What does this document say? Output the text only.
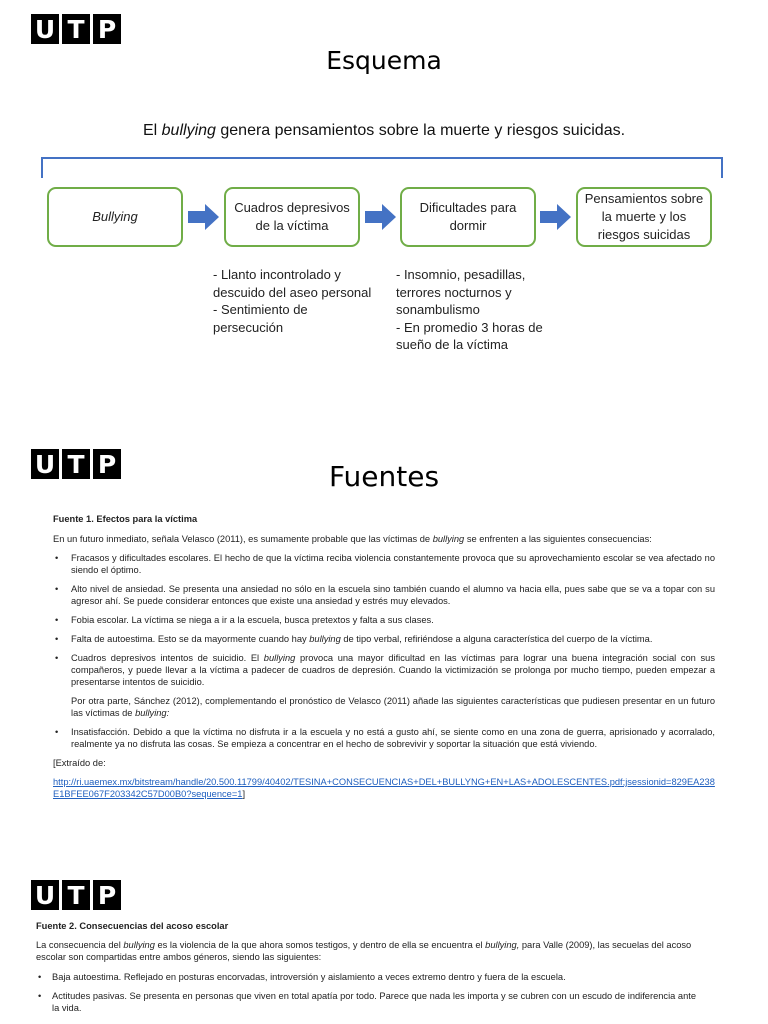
U T P
Esquema
El bullying genera pensamientos sobre la muerte y riesgos suicidas.
Bullying
Cuadros depresivos de la víctima
Dificultades para dormir
Pensamientos sobre la muerte y los riesgos suicidas
- Llanto incontrolado y
descuido del aseo personal
- Sentimiento de
persecución
- Insomnio, pesadillas,
terrores nocturnos y
sonambulismo
- En promedio 3 horas de
sueño de la víctima
U T P	Fuentes

Fuente 1. Efectos para la víctima

En un futuro inmediato, señala Velasco (2011), es sumamente probable que las víctimas de bullying se enfrenten a las siguientes consecuencias:

• Fracasos y dificultades escolares. El hecho de que la víctima reciba violencia constantemente provoca que su aprovechamiento escolar se vea afectado no siendo el óptimo.
• Alto nivel de ansiedad. Se presenta una ansiedad no sólo en la escuela sino también cuando el alumno va hacia ella, pues sabe que se va a topar con su agresor ahí. Se puede considerar entonces que existe una ansiedad y estrés muy elevados.
• Fobia escolar. La víctima se niega a ir a la escuela, busca pretextos y falta a sus clases.
• Falta de autoestima. Esto se da mayormente cuando hay bullying de tipo verbal, refiriéndose a alguna característica del cuerpo de la víctima.
• Cuadros depresivos intentos de suicidio. El bullying provoca una mayor dificultad en las víctimas para lograr una buena integración social con sus compañeros, y puede llevar a la víctima a padecer de cuadros de depresión. Cuando la victimización se prolonga por mucho tiempo, pueden empezar a presentarse intentos de suicidio.

Por otra parte, Sánchez (2012), complementando el pronóstico de Velasco (2011) añade las siguientes características que pudiesen presentar en un futuro las víctimas de bullying:

• Insatisfacción. Debido a que la víctima no disfruta ir a la escuela y no está a gusto ahí, se siente como en una zona de guerra, aprisionado y acorralado, realmente ya no disfruta las cosas. Se empieza a concentrar en el hecho de sobrevivir y soportar la situación que está viviendo.

[Extraído de:

http://ri.uaemex.mx/bitstream/handle/20.500.11799/40402/TESINA+CONSECUENCIAS+DEL+BULLYNG+EN+LAS+ADOLESCENTES.pdf;jsessionid=829EA238E1BFEE067F203342C57D00B0?sequence=1]

U T P

Fuente 2. Consecuencias del acoso escolar

La consecuencia del bullying es la violencia de la que ahora somos testigos, y dentro de ella se encuentra el bullying, para Valle (2009), las secuelas del acoso escolar son compartidas entre ambos géneros, siendo las siguientes:

• Baja autoestima. Reflejado en posturas encorvadas, introversión y aislamiento a veces extremo dentro y fuera de la escuela.
• Actitudes pasivas. Se presenta en personas que viven en total apatía por todo. Parece que nada les importa y se cubren con un escudo de indiferencia ante la vida.
